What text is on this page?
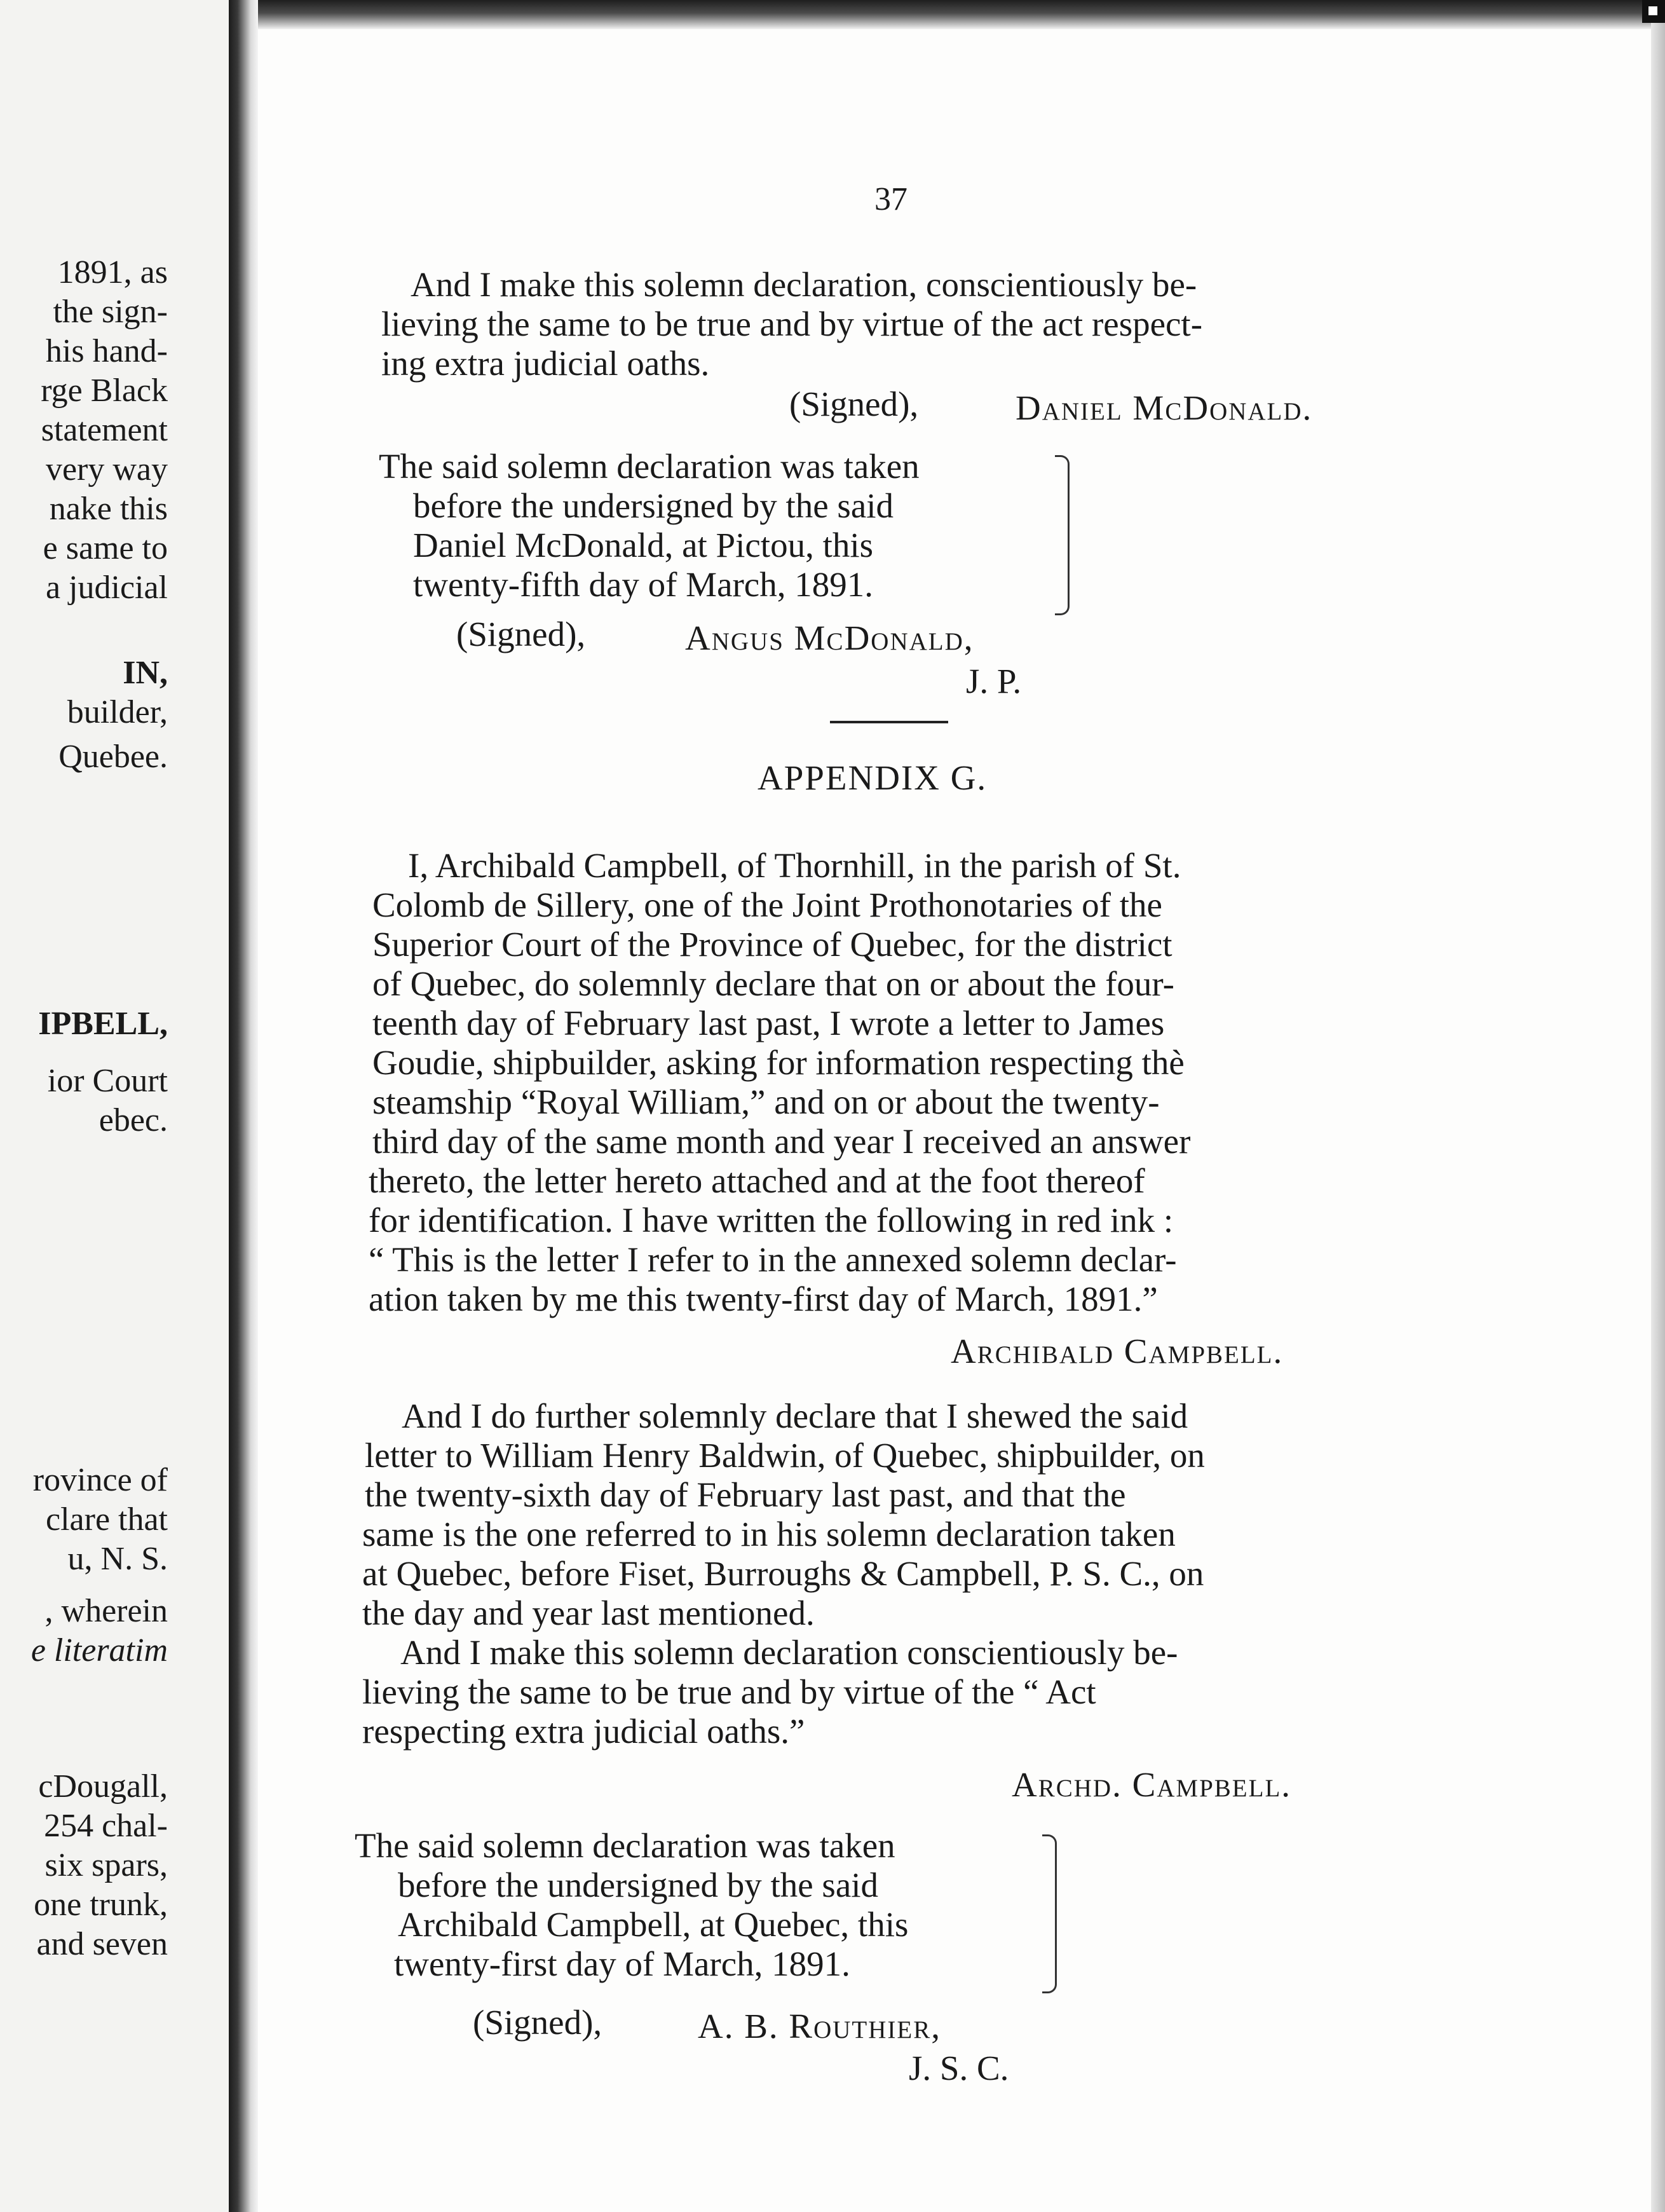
1891, as
the sign-
his hand-
rge Black
statement
very way
nake this
e same to
a judicial
IN,
builder,
Quebee.
IPBELL,
ior Court
ebec.
rovince of
clare that
u, N. S.
, wherein
e literatim
cDougall,
254 chal-
six spars,
one trunk,
and seven
37
And I make this solemn declaration, conscientiously be-
lieving the same to be true and by virtue of the act respect-
ing extra judicial oaths.
(Signed),	Daniel McDonald.
The said solemn declaration was taken
before the undersigned by the said
Daniel McDonald, at Pictou, this
twenty-fifth day of March, 1891.
(Signed),	Angus McDonald,
J. P.
APPENDIX G.
I, Archibald Campbell, of Thornhill, in the parish of St.
Colomb de Sillery, one of the Joint Prothonotaries of the
Superior Court of the Province of Quebec, for the district
of Quebec, do solemnly declare that on or about the four-
teenth day of February last past, I wrote a letter to James
Goudie, shipbuilder, asking for information respecting thè
steamship “Royal William,” and on or about the twenty-
third day of the same month and year I received an answer
thereto, the letter hereto attached and at the foot thereof
for identification. I have written the following in red ink :
“ This is the letter I refer to in the annexed solemn declar-
ation taken by me this twenty-first day of March, 1891.”
Archibald Campbell.
And I do further solemnly declare that I shewed the said
letter to William Henry Baldwin, of Quebec, shipbuilder, on
the twenty-sixth day of February last past, and that the
same is the one referred to in his solemn declaration taken
at Quebec, before Fiset, Burroughs & Campbell, P. S. C., on
the day and year last mentioned.
And I make this solemn declaration conscientiously be-
lieving the same to be true and by virtue of the “ Act
respecting extra judicial oaths.”
Archd. Campbell.
The said solemn declaration was taken
before the undersigned by the said
Archibald Campbell, at Quebec, this
twenty-first day of March, 1891.
(Signed),	A. B. Routhier,
J. S. C.
